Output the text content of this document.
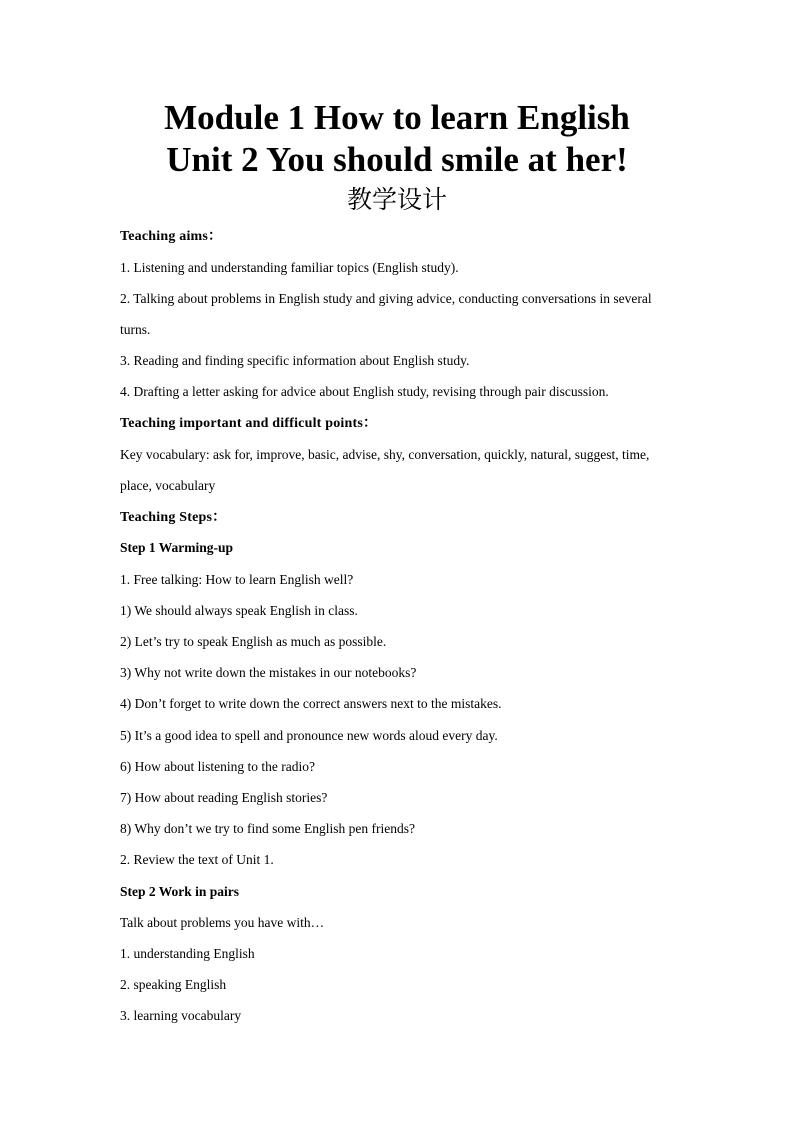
Module 1 How to learn English
Unit 2 You should smile at her!
教学设计
Teaching aims：
1. Listening and understanding familiar topics (English study).
2. Talking about problems in English study and giving advice, conducting conversations in several
turns.
3. Reading and finding specific information about English study.
4. Drafting a letter asking for advice about English study, revising through pair discussion.
Teaching important and difficult points：
Key vocabulary: ask for, improve, basic, advise, shy, conversation, quickly, natural, suggest, time,
place, vocabulary
Teaching Steps：
Step 1 Warming-up
1. Free talking: How to learn English well?
1) We should always speak English in class.
2) Let’s try to speak English as much as possible.
3) Why not write down the mistakes in our notebooks?
4) Don’t forget to write down the correct answers next to the mistakes.
5) It’s a good idea to spell and pronounce new words aloud every day.
6) How about listening to the radio?
7) How about reading English stories?
8) Why don’t we try to find some English pen friends?
2. Review the text of Unit 1.
Step 2 Work in pairs
Talk about problems you have with…
1. understanding English
2. speaking English
3. learning vocabulary
